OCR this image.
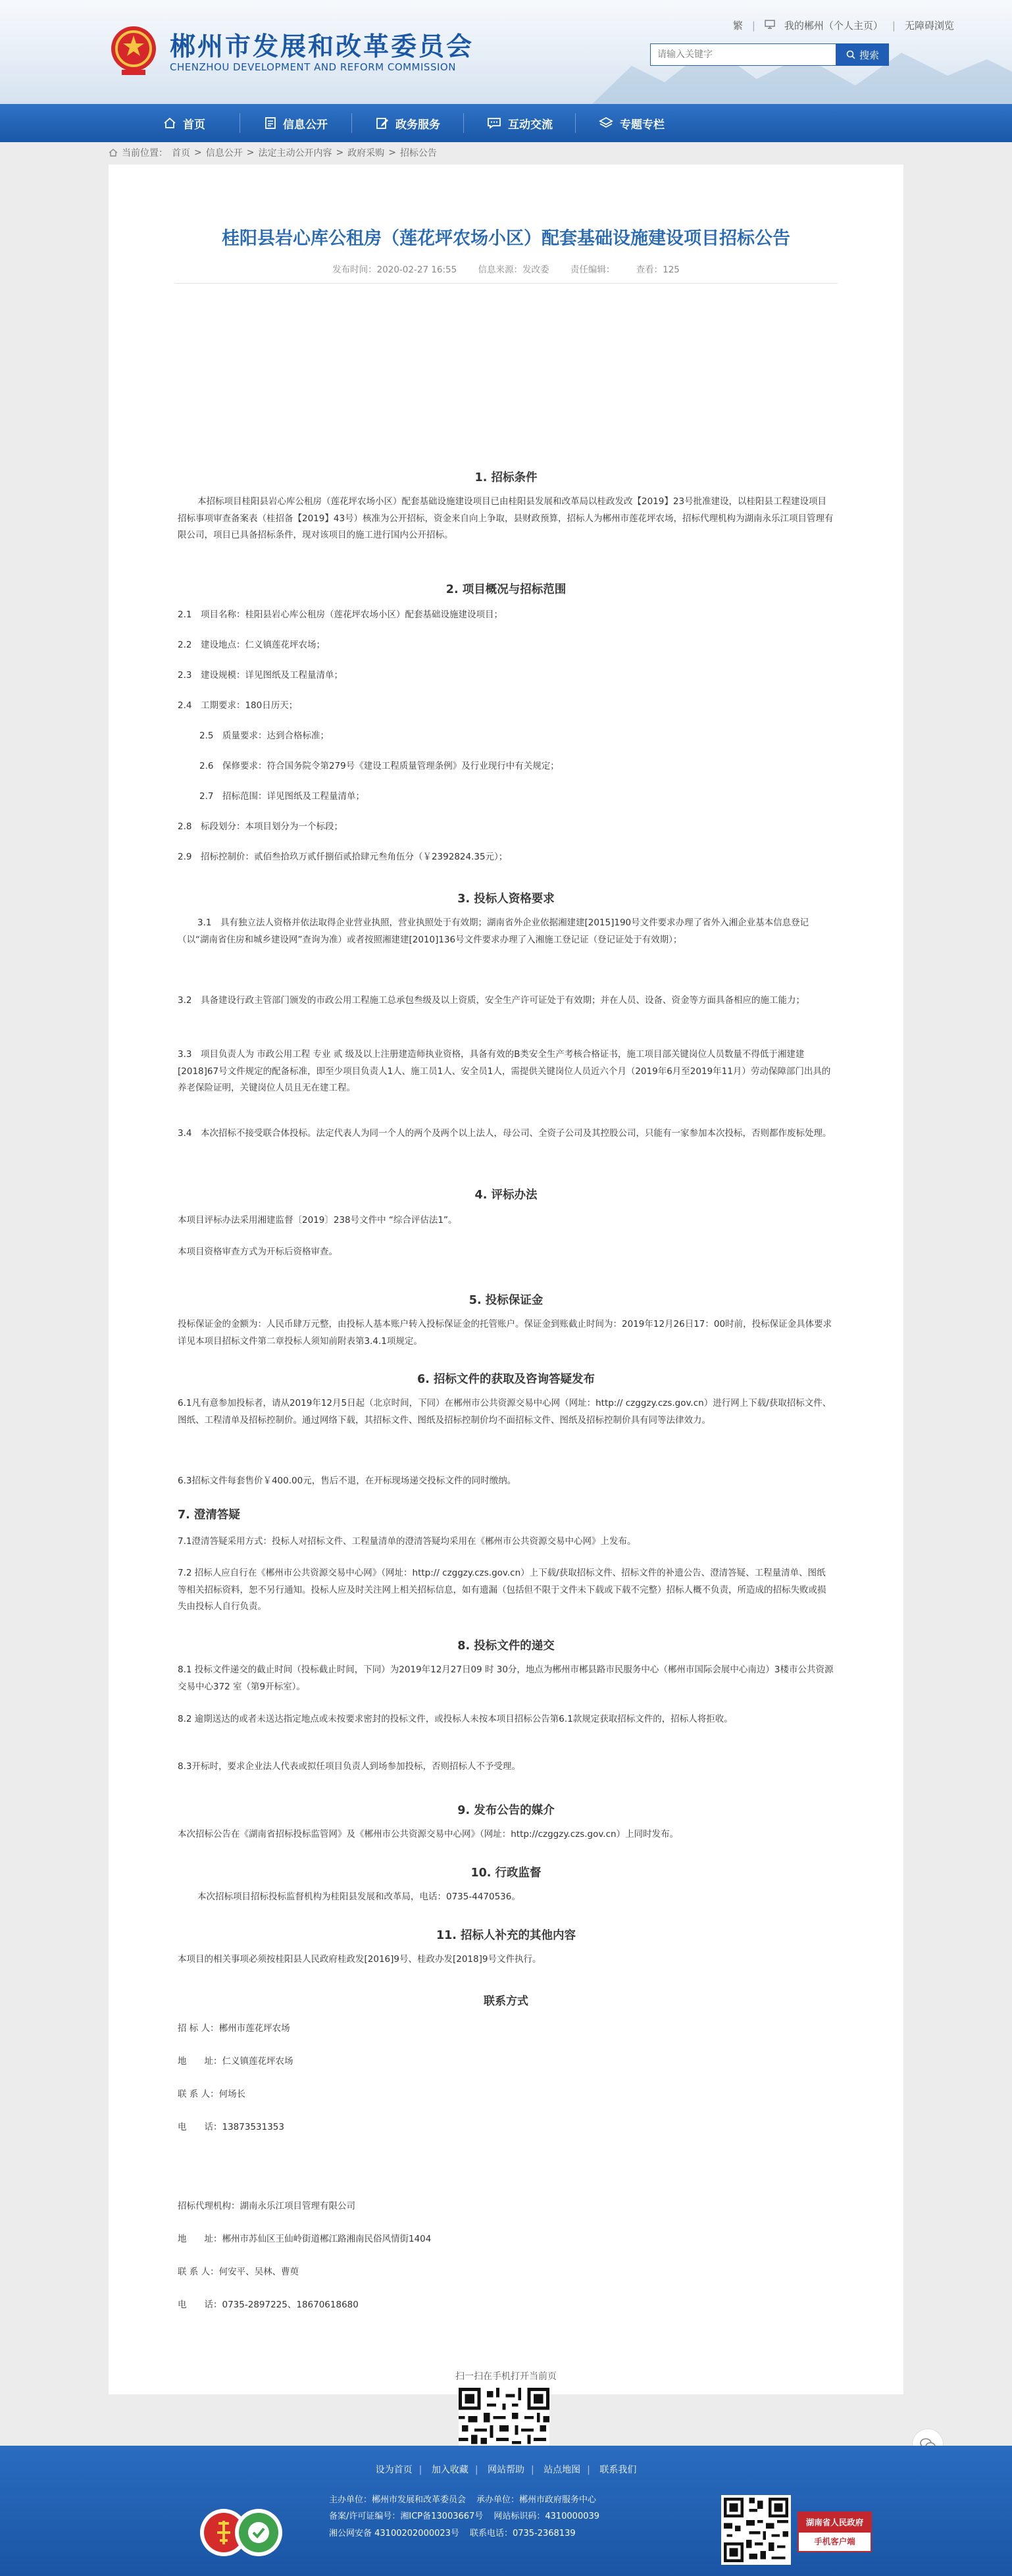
繁 |	我的郴州（个人主页） | 无障碍浏览
郴州市发展和改革委员会
CHENZHOU DEVELOPMENT AND REFORM COMMISSION
请输入关键字
搜索
首页	信息公开	政务服务	互动交流	专题专栏
当前位置： 首页 > 信息公开 > 法定主动公开内容 > 政府采购 > 招标公告
桂阳县岩心库公租房（莲花坪农场小区）配套基础设施建设项目招标公告
发布时间：2020-02-27 16:55 信息来源：发改委 责任编辑： 查看：125

1. 招标条件

本招标项目桂阳县岩心库公租房（莲花坪农场小区）配套基础设施建设项目已由桂阳县发展和改革局以桂政发改【2019】23号批准建设，以桂阳县工程建设项目招标事项审查备案表（桂招备【2019】43号）核准为公开招标，资金来自向上争取，县财政预算，招标人为郴州市莲花坪农场，招标代理机构为湖南永乐江项目管理有限公司，项目已具备招标条件，现对该项目的施工进行国内公开招标。

2. 项目概况与招标范围

2.1　项目名称：桂阳县岩心库公租房（莲花坪农场小区）配套基础设施建设项目；

2.2　建设地点：仁义镇莲花坪农场；

2.3　建设规模：详见图纸及工程量清单；

2.4　工期要求：180日历天；

2.5　质量要求：达到合格标准；

2.6　保修要求：符合国务院令第279号《建设工程质量管理条例》及行业现行中有关规定；

2.7　招标范围：详见图纸及工程量清单；

2.8　标段划分：本项目划分为一个标段；

2.9　招标控制价：贰佰叁拾玖万贰仟捌佰贰拾肆元叁角伍分（￥2392824.35元）；

3. 投标人资格要求

3.1　具有独立法人资格并依法取得企业营业执照，营业执照处于有效期；湖南省外企业依据湘建建[2015]190号文件要求办理了省外入湘企业基本信息登记（以“湖南省住房和城乡建设网”查询为准）或者按照湘建建[2010]136号文件要求办理了入湘施工登记证（登记证处于有效期）；

3.2　具备建设行政主管部门颁发的市政公用工程施工总承包叁级及以上资质，安全生产许可证处于有效期；并在人员、设备、资金等方面具备相应的施工能力；

3.3　项目负责人为 市政公用工程 专业 贰 级及以上注册建造师执业资格，具备有效的B类安全生产考核合格证书，施工项目部关键岗位人员数量不得低于湘建建[2018]67号文件规定的配备标准，即至少项目负责人1人、施工员1人、安全员1人，需提供关键岗位人员近六个月（2019年6月至2019年11月）劳动保障部门出具的养老保险证明，关键岗位人员且无在建工程。

3.4　本次招标不接受联合体投标。法定代表人为同一个人的两个及两个以上法人，母公司、全资子公司及其控股公司，只能有一家参加本次投标，否则都作废标处理。

4. 评标办法

本项目评标办法采用湘建监督〔2019〕238号文件中 “综合评估法1”。

本项目资格审查方式为开标后资格审查。

5. 投标保证金

投标保证金的金额为：人民币肆万元整，由投标人基本账户转入投标保证金的托管账户。保证金到账截止时间为：2019年12月26日17：00时前，投标保证金具体要求详见本项目招标文件第二章投标人须知前附表第3.4.1项规定。

6. 招标文件的获取及咨询答疑发布

6.1凡有意参加投标者，请从2019年12月5日起（北京时间，下同）在郴州市公共资源交易中心网（网址：http:// czggzy.czs.gov.cn）进行网上下载/获取招标文件、图纸、工程清单及招标控制价。通过网络下载，其招标文件、图纸及招标控制价均不面招标文件、图纸及招标控制价具有同等法律效力。

6.3招标文件每套售价￥400.00元，售后不退，在开标现场递交投标文件的同时缴纳。

7. 澄清答疑

7.1澄清答疑采用方式：投标人对招标文件、工程量清单的澄清答疑均采用在《郴州市公共资源交易中心网》上发布。

7.2 招标人应自行在《郴州市公共资源交易中心网》（网址：http:// czggzy.czs.gov.cn）上下载/获取招标文件、招标文件的补遗公告、澄清答疑、工程量清单、图纸等相关招标资料，恕不另行通知。投标人应及时关注网上相关招标信息，如有遗漏（包括但不限于文件未下载或下载不完整）招标人概不负责，所造成的招标失败或损失由投标人自行负责。

8. 投标文件的递交

8.1 投标文件递交的截止时间（投标截止时间，下同）为2019年12月27日09 时 30分，地点为郴州市郴县路市民服务中心（郴州市国际会展中心南边）3楼市公共资源交易中心372 室（第9开标室）。

8.2 逾期送达的或者未送达指定地点或未按要求密封的投标文件，或投标人未按本项目招标公告第6.1款规定获取招标文件的，招标人将拒收。

8.3开标时，要求企业法人代表或拟任项目负责人到场参加投标，否则招标人不予受理。

9. 发布公告的媒介

本次招标公告在《湖南省招标投标监管网》及《郴州市公共资源交易中心网》（网址：http://czggzy.czs.gov.cn）上同时发布。

10. 行政监督

本次招标项目招标投标监督机构为桂阳县发展和改革局，电话：0735-4470536。

11. 招标人补充的其他内容

本项目的相关事项必须按桂阳县人民政府桂政发[2016]9号、桂政办发[2018]9号文件执行。

联系方式

招 标 人：郴州市莲花坪农场

地　　址：仁义镇莲花坪农场

联 系 人：何场长

电　　话：13873531353

招标代理机构：湖南永乐江项目管理有限公司

地　　址：郴州市苏仙区王仙岭街道郴江路湘南民俗风情街1404

联 系 人：何安平、吴林、曹萸

电　　话：0735-2897225、18670618680

扫一扫在手机打开当前页
设为首页 | 加入收藏 | 网站帮助 | 站点地图 | 联系我们
主办单位：郴州市发展和改革委员会 承办单位：郴州市政府服务中心
备案/许可证编号：湘ICP备13003667号 网站标识码：4310000039
湘公网安备 43100202000023号 联系电话：0735-2368139
湖南省人民政府
手机客户端
